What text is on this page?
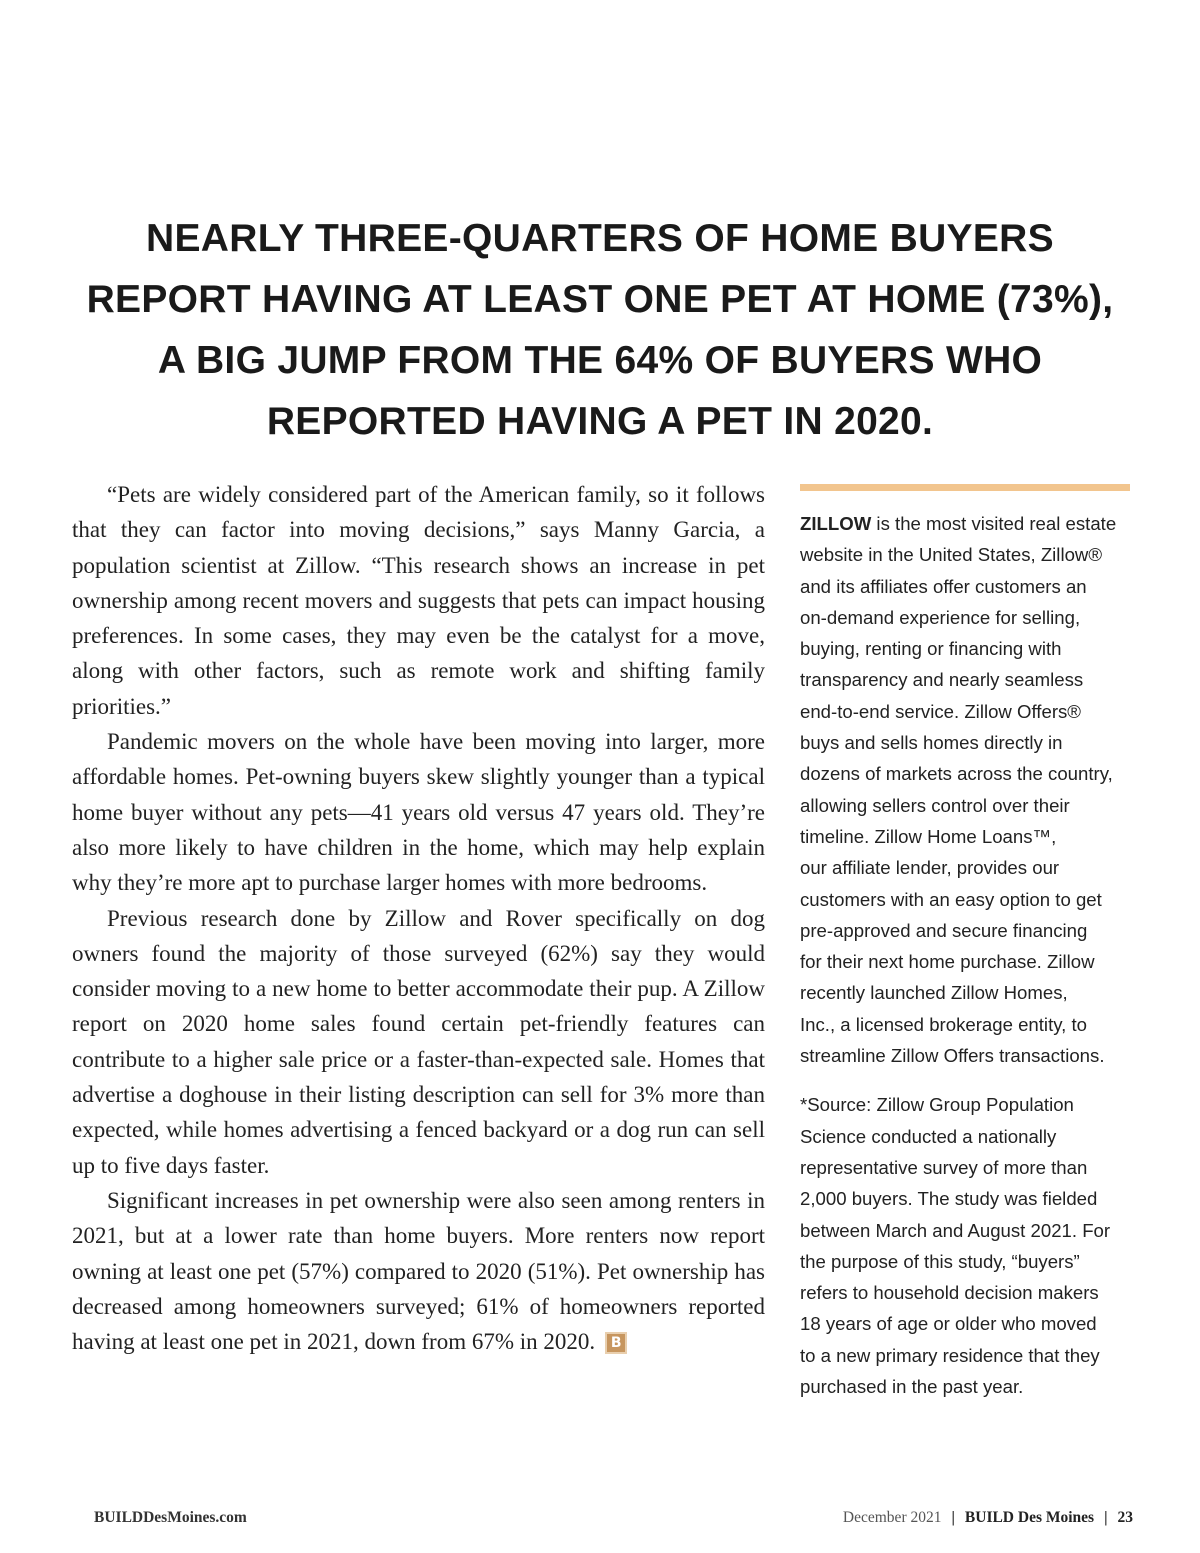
NEARLY THREE-QUARTERS OF HOME BUYERS
REPORT HAVING AT LEAST ONE PET AT HOME (73%),
A BIG JUMP FROM THE 64% OF BUYERS WHO
REPORTED HAVING A PET IN 2020.

“Pets are widely considered part of the American family, so it follows that they can factor into moving decisions,” says Manny Garcia, a population scientist at Zillow. “This research shows an increase in pet ownership among recent movers and suggests that pets can impact housing preferences. In some cases, they may even be the catalyst for a move, along with other factors, such as remote work and shifting family priorities.”

Pandemic movers on the whole have been moving into larger, more affordable homes. Pet-owning buyers skew slightly younger than a typical home buyer without any pets—41 years old versus 47 years old. They’re also more likely to have children in the home, which may help explain why they’re more apt to purchase larger homes with more bedrooms.

Previous research done by Zillow and Rover specifically on dog owners found the majority of those surveyed (62%) say they would consider moving to a new home to better accommodate their pup. A Zillow report on 2020 home sales found certain pet-friendly features can contribute to a higher sale price or a faster-than-expected sale. Homes that advertise a doghouse in their listing description can sell for 3% more than expected, while homes advertising a fenced backyard or a dog run can sell up to five days faster.

Significant increases in pet ownership were also seen among renters in 2021, but at a lower rate than home buyers. More renters now report owning at least one pet (57%) compared to 2020 (51%). Pet ownership has decreased among homeowners surveyed; 61% of homeowners reported having at least one pet in 2021, down from 67% in 2020. B

ZILLOW is the most visited real estate
website in the United States, Zillow®
and its affiliates offer customers an
on-demand experience for selling,
buying, renting or financing with
transparency and nearly seamless
end-to-end service. Zillow Offers®
buys and sells homes directly in
dozens of markets across the country,
allowing sellers control over their
timeline. Zillow Home Loans™,
our affiliate lender, provides our
customers with an easy option to get
pre-approved and secure financing
for their next home purchase. Zillow
recently launched Zillow Homes,
Inc., a licensed brokerage entity, to
streamline Zillow Offers transactions.
*Source: Zillow Group Population
Science conducted a nationally
representative survey of more than
2,000 buyers. The study was fielded
between March and August 2021. For
the purpose of this study, “buyers”
refers to household decision makers
18 years of age or older who moved
to a new primary residence that they
purchased in the past year.
BUILDDesMoines.com	December 2021 | BUILD Des Moines | 23
